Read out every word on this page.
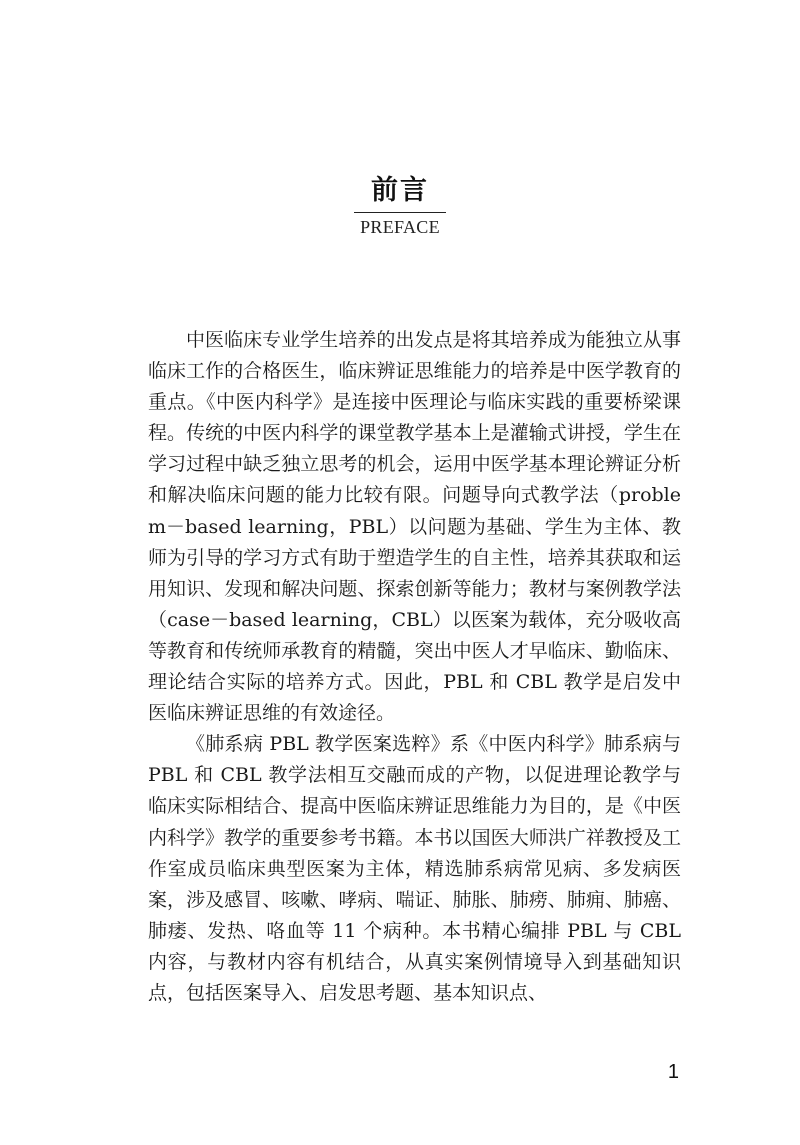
前言
PREFACE

中医临床专业学生培养的出发点是将其培养成为能独立从事临床工作的合格医生，临床辨证思维能力的培养是中医学教育的重点。《中医内科学》是连接中医理论与临床实践的重要桥梁课程。传统的中医内科学的课堂教学基本上是灌输式讲授，学生在学习过程中缺乏独立思考的机会，运用中医学基本理论辨证分析和解决临床问题的能力比较有限。问题导向式教学法（problem－based learning，PBL）以问题为基础、学生为主体、教师为引导的学习方式有助于塑造学生的自主性，培养其获取和运用知识、发现和解决问题、探索创新等能力；教材与案例教学法（case－based learning，CBL）以医案为载体，充分吸收高等教育和传统师承教育的精髓，突出中医人才早临床、勤临床、理论结合实际的培养方式。因此，PBL 和 CBL 教学是启发中医临床辨证思维的有效途径。

《肺系病 PBL 教学医案选粹》系《中医内科学》肺系病与 PBL 和 CBL 教学法相互交融而成的产物，以促进理论教学与临床实际相结合、提高中医临床辨证思维能力为目的，是《中医内科学》教学的重要参考书籍。本书以国医大师洪广祥教授及工作室成员临床典型医案为主体，精选肺系病常见病、多发病医案，涉及感冒、咳嗽、哮病、喘证、肺胀、肺痨、肺痈、肺癌、肺痿、发热、咯血等 11 个病种。本书精心编排 PBL 与 CBL 内容，与教材内容有机结合，从真实案例情境导入到基础知识点，包括医案导入、启发思考题、基本知识点、

1
